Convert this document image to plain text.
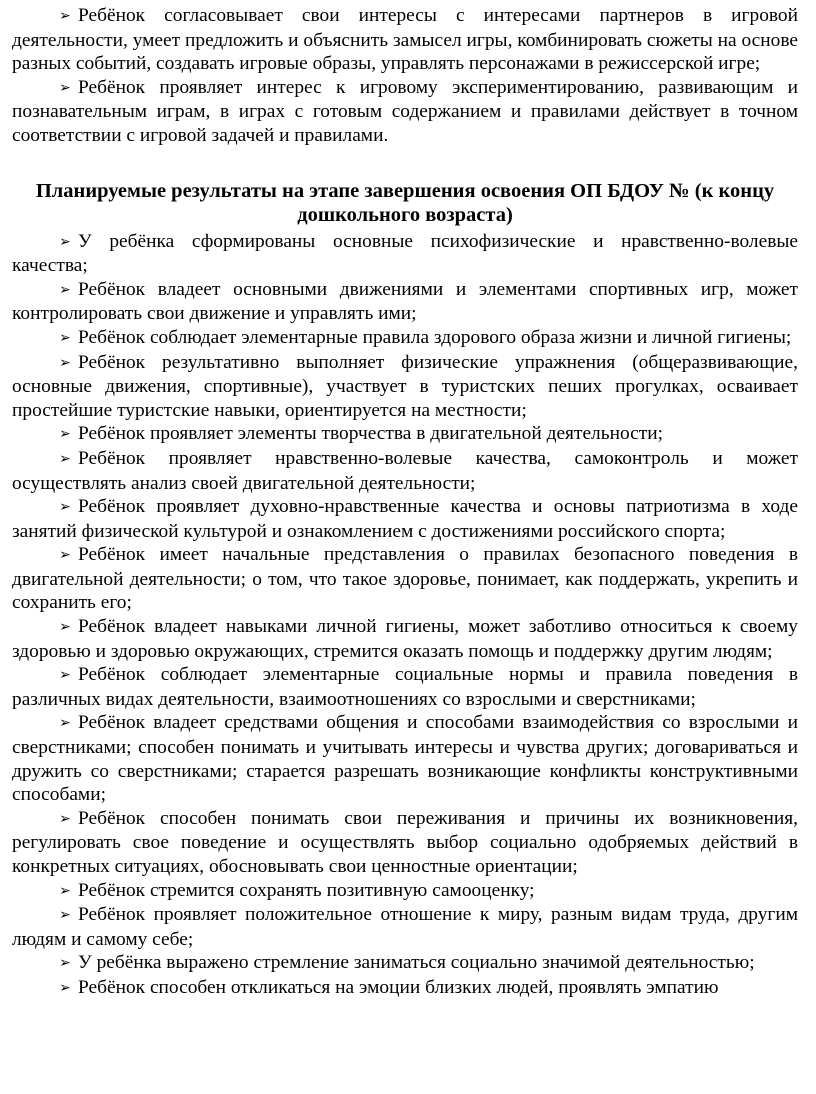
➢ Ребёнок согласовывает свои интересы с интересами партнеров в игровой деятельности, умеет предложить и объяснить замысел игры, комбинировать сюжеты на основе разных событий, создавать игровые образы, управлять персонажами в режиссерской игре;

➢ Ребёнок проявляет интерес к игровому экспериментированию, развивающим и познавательным играм, в играх с готовым содержанием и правилами действует в точном соответствии с игровой задачей и правилами.

Планируемые результаты на этапе завершения освоения ОП БДОУ № (к концу дошкольного возраста)

➢ У ребёнка сформированы основные психофизические и нравственно-волевые качества;

➢ Ребёнок владеет основными движениями и элементами спортивных игр, может контролировать свои движение и управлять ими;

➢ Ребёнок соблюдает элементарные правила здорового образа жизни и личной гигиены;

➢ Ребёнок результативно выполняет физические упражнения (общеразвивающие, основные движения, спортивные), участвует в туристских пеших прогулках, осваивает простейшие туристские навыки, ориентируется на местности;

➢ Ребёнок проявляет элементы творчества в двигательной деятельности;

➢ Ребёнок проявляет нравственно-волевые качества, самоконтроль и может осуществлять анализ своей двигательной деятельности;

➢ Ребёнок проявляет духовно-нравственные качества и основы патриотизма в ходе занятий физической культурой и ознакомлением с достижениями российского спорта;

➢ Ребёнок имеет начальные представления о правилах безопасного поведения в двигательной деятельности; о том, что такое здоровье, понимает, как поддержать, укрепить и сохранить его;

➢ Ребёнок владеет навыками личной гигиены, может заботливо относиться к своему здоровью и здоровью окружающих, стремится оказать помощь и поддержку другим людям;

➢ Ребёнок соблюдает элементарные социальные нормы и правила поведения в различных видах деятельности, взаимоотношениях со взрослыми и сверстниками;

➢ Ребёнок владеет средствами общения и способами взаимодействия со взрослыми и сверстниками; способен понимать и учитывать интересы и чувства других; договариваться и дружить со сверстниками; старается разрешать возникающие конфликты конструктивными способами;

➢ Ребёнок способен понимать свои переживания и причины их возникновения, регулировать свое поведение и осуществлять выбор социально одобряемых действий в конкретных ситуациях, обосновывать свои ценностные ориентации;

➢ Ребёнок стремится сохранять позитивную самооценку;

➢ Ребёнок проявляет положительное отношение к миру, разным видам труда, другим людям и самому себе;

➢ У ребёнка выражено стремление заниматься социально значимой деятельностью;

➢ Ребёнок способен откликаться на эмоции близких людей, проявлять эмпатию
